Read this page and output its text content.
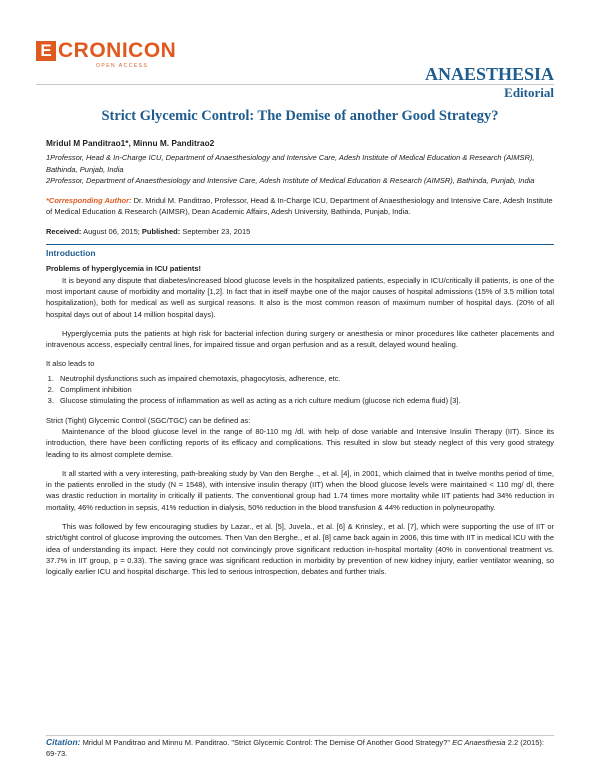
E CRONICON
OPEN ACCESS	ANAESTHESIA
Editorial
Strict Glycemic Control: The Demise of another Good Strategy?
Mridul M Panditrao1*, Minnu M. Panditrao2

1Professor, Head & In-Charge ICU, Department of Anaesthesiology and Intensive Care, Adesh Institute of Medical Education & Research (AIMSR), Bathinda, Punjab, India

2Professor, Department of Anaesthesiology and Intensive Care, Adesh Institute of Medical Education & Research (AIMSR), Bathinda, Punjab, India

*Corresponding Author: Dr. Mridul M. Panditrao, Professor, Head & In-Charge ICU, Department of Anaesthesiology and Intensive Care, Adesh Institute of Medical Education & Research (AIMSR), Dean Academic Affairs, Adesh University, Bathinda, Punjab, India.
Received: August 06, 2015; Published: September 23, 2015
Introduction
Problems of hyperglycemia in ICU patients!

It is beyond any dispute that diabetes/increased blood glucose levels in the hospitalized patients, especially in ICU/critically ill patients, is one of the most important cause of morbidity and mortality [1,2]. In fact that in itself maybe one of the major causes of hospital admissions (15% of 3.5 million total hospitalization), both for medical as well as surgical reasons. It also is the most common reason of maximum number of hospital days. (20% of all hospital days out of about 14 million hospital days).

Hyperglycemia puts the patients at high risk for bacterial infection during surgery or anesthesia or minor procedures like catheter placements and intravenous access, especially central lines, for impaired tissue and organ perfusion and as a result, delayed wound healing.

It also leads to

1. Neutrophil dysfunctions such as impaired chemotaxis, phagocytosis, adherence, etc.
2. Compliment inhibition
3. Glucose stimulating the process of inflammation as well as acting as a rich culture medium (glucose rich edema fluid) [3].

Strict (Tight) Glycemic Control (SGC/TGC) can be defined as:

Maintenance of the blood glucose level in the range of 80-110 mg /dl. with help of dose variable and Intensive Insulin Therapy (IIT). Since its introduction, there have been conflicting reports of its efficacy and complications. This resulted in slow but steady neglect of this very good strategy leading to its almost complete demise.

It all started with a very interesting, path-breaking study by Van den Berghe ., et al. [4], in 2001, which claimed that in twelve months period of time, in the patients enrolled in the study (N = 1548), with intensive insulin therapy (IIT) when the blood glucose levels were maintained < 110 mg/ dl, there was drastic reduction in mortality in critically ill patients. The conventional group had 1.74 times more mortality while IIT patients had 34% reduction in mortality, 46% reduction in sepsis, 41% reduction in dialysis, 50% reduction in the blood transfusion & 44% reduction in polyneuropathy.

This was followed by few encouraging studies by Lazar., et al. [5], Juvela., et al. [6] & Krinsley., et al. [7], which were supporting the use of IIT or strict/tight control of glucose improving the outcomes. Then Van den Berghe., et al. [8] came back again in 2006, this time with IIT in medical ICU with the idea of understanding its impact. Here they could not convincingly prove significant reduction in-hospital mortality (40% in conventional treatment vs. 37.7% in IIT group, p = 0.33). The saving grace was significant reduction in morbidity by prevention of new kidney injury, earlier ventilator weaning, so logically earlier ICU and hospital discharge. This led to serious introspection, debates and further trials.

Citation: Mridul M Panditrao and Minnu M. Panditrao. "Strict Glycemic Control: The Demise Of Another Good Strategy?" EC Anaesthesia 2.2 (2015): 69-73.
